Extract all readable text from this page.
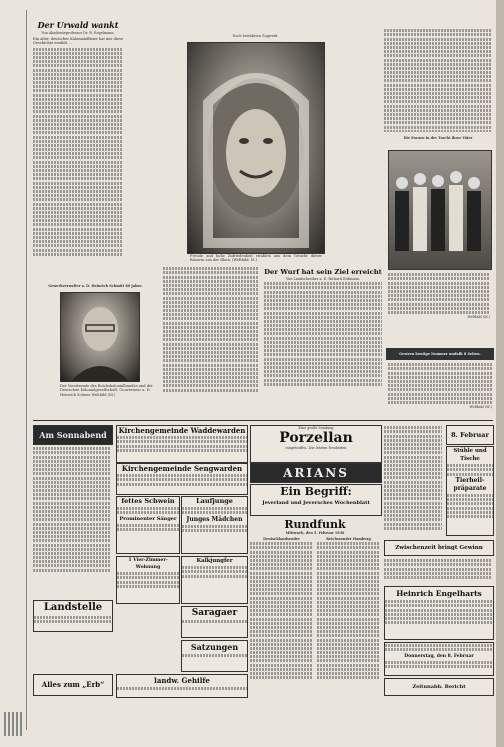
Der Urwald wankt
Von Akademieprofessor Dr. R. Engelmann.
Ein alter, deutscher Kolonialoffizier hat mir diese Geschichte erzählt ...
Nach bewährten Zugwerk
Freude und hohe Zufriedenheit strahlen aus dem Gesicht dieser Bäuerin aus der Rhön. (Weltbild, M.)
Die Frauen in der Tracht ihrer Väter
Weltbild (M.)
Gewerkverwalter a. D. Heinrich Schmitt 80 Jahre.
Der Vorsitzende des Reichskolonialbundes und der Deutschen Kolonialgesellschaft, Gouverneur a. D. Heinrich Schnee Weltbild (M.)
Der Wurf hat sein Ziel erreicht
Von Landschreiber a. D. Richard Erdmann.
Gestern heutige Nummer umfaßt 8 Seiten.
Weltbild (M.)
Am Sonnabend
Landstelle
Alles zum „Erb“
Kirchengemeinde Waddewarden
Kirchengemeinde Sengwarden
fettes Schwein
Prominenter Sänger
Laufjunge
Junges Mädchen
1 Vier-Zimmer-Wohnung
Kalkjungfer
Saragaer
Satzungen
landw. Gehilfe
Eine große Sendung
Porzellan
eingetroffen. Die letzten Neuheiten
ARIANS
Ein Begriff:
Jeverland und Jeversches Wochenblatt
Rundfunk
Mittwoch, den 5. Februar 1936
Deutschlandsender	Reichssender Hamburg
8. Februar
Stühle und Tische
Tierheil-präparate
Zwischenzeit bringt Gewinn
Heinrich Engelharts
Donnerstag, den 8. Februar
Zeitunabh. Bericht
